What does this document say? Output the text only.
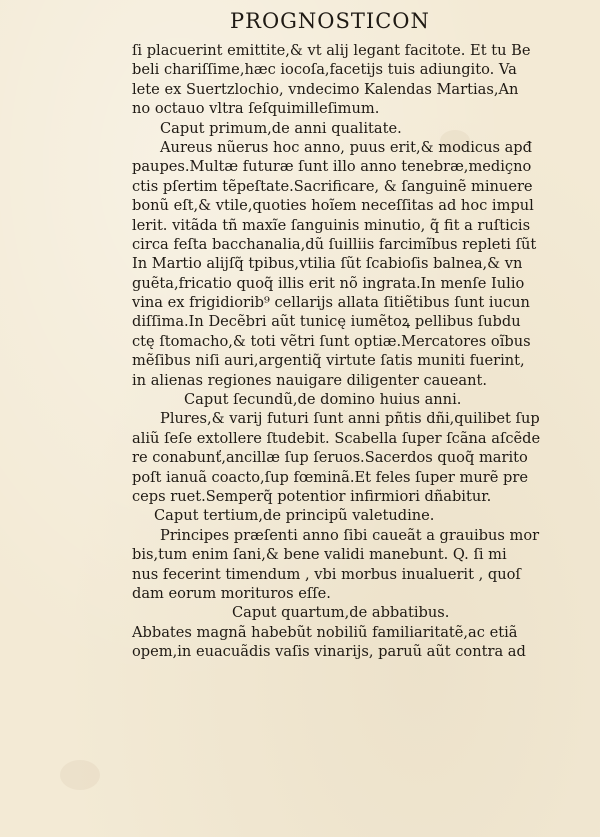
PROGNOSTICON
ſi placuerint emittite,& vt alij legant facitote. Et tu Be
beli chariſſime,hæc iocoſa,facetijs tuis adiungito. Va
lete ex Suertzlochio, vndecimo Kalendas Martias,An
no octauo vltra ſeſquimilleſimum.
Caput primum,de anni qualitate.
Aureus nũerus hoc anno, puus erit,& modicus apđ
paupes.Multæ futuræ ſunt illo anno tenebræ,mediçno
ctis pſertim tẽpeſtate.Sacrificare, & ſanguinẽ minuere
bonũ eſt,& vtile,quoties hoĩem neceſſitas ad hoc impul
lerit. vitãda tñ maxĩe ſanguinis minutio, q̃ fit a ruſticis
circa feſta bacchanalia,dũ ſuilliis farcimĩbus repleti ſũt
In Martio alijſq̃ tpibus,vtilia ſũt ſcabioſis balnea,& vn
guẽta,fricatio quoq̃ illis erit nõ ingrata.In menſe Iulio
vina ex frigidiorib⁹ cellarijs allata ſitiẽtibus ſunt iucun
diſſima.In Decẽbri aũt tunicę iumẽtoꝝ pellibus ſubdu
ctę ſtomacho,& toti vẽtri ſunt optiæ.Mercatores oĩbus
mẽſibus niſi auri,argentiq̃ virtute ſatis muniti fuerint,
in alienas regiones nauigare diligenter caueant.
Caput ſecundũ,de domino huius anni.
Plures,& varij futuri ſunt anni pñtis dñi,quilibet ſup
aliũ ſeſe extollere ſtudebit. Scabella ſuper ſcãna aſcẽde
re conabunť,ancillæ ſup ſeruos.Sacerdos quoq̃ marito
poſt ianuã coacto,ſup fœminã.Et feles ſuper murẽ pre
ceps ruet.Semperq̃ potentior infirmiori dñabitur.
Caput tertium,de principũ valetudine.
Principes præſenti anno ſibi caueãt a grauibus mor
bis,tum enim ſani,& bene validi manebunt. Q. ſi mi
nus fecerint timendum , vbi morbus inualuerit , quoſ
dam eorum morituros eſſe.
Caput quartum,de abbatibus.
Abbates magnã habebũt nobiliũ familiaritatẽ,ac etiã
opem,in euacuãdis vaſis vinarijs, paruũ aũt contra ad
